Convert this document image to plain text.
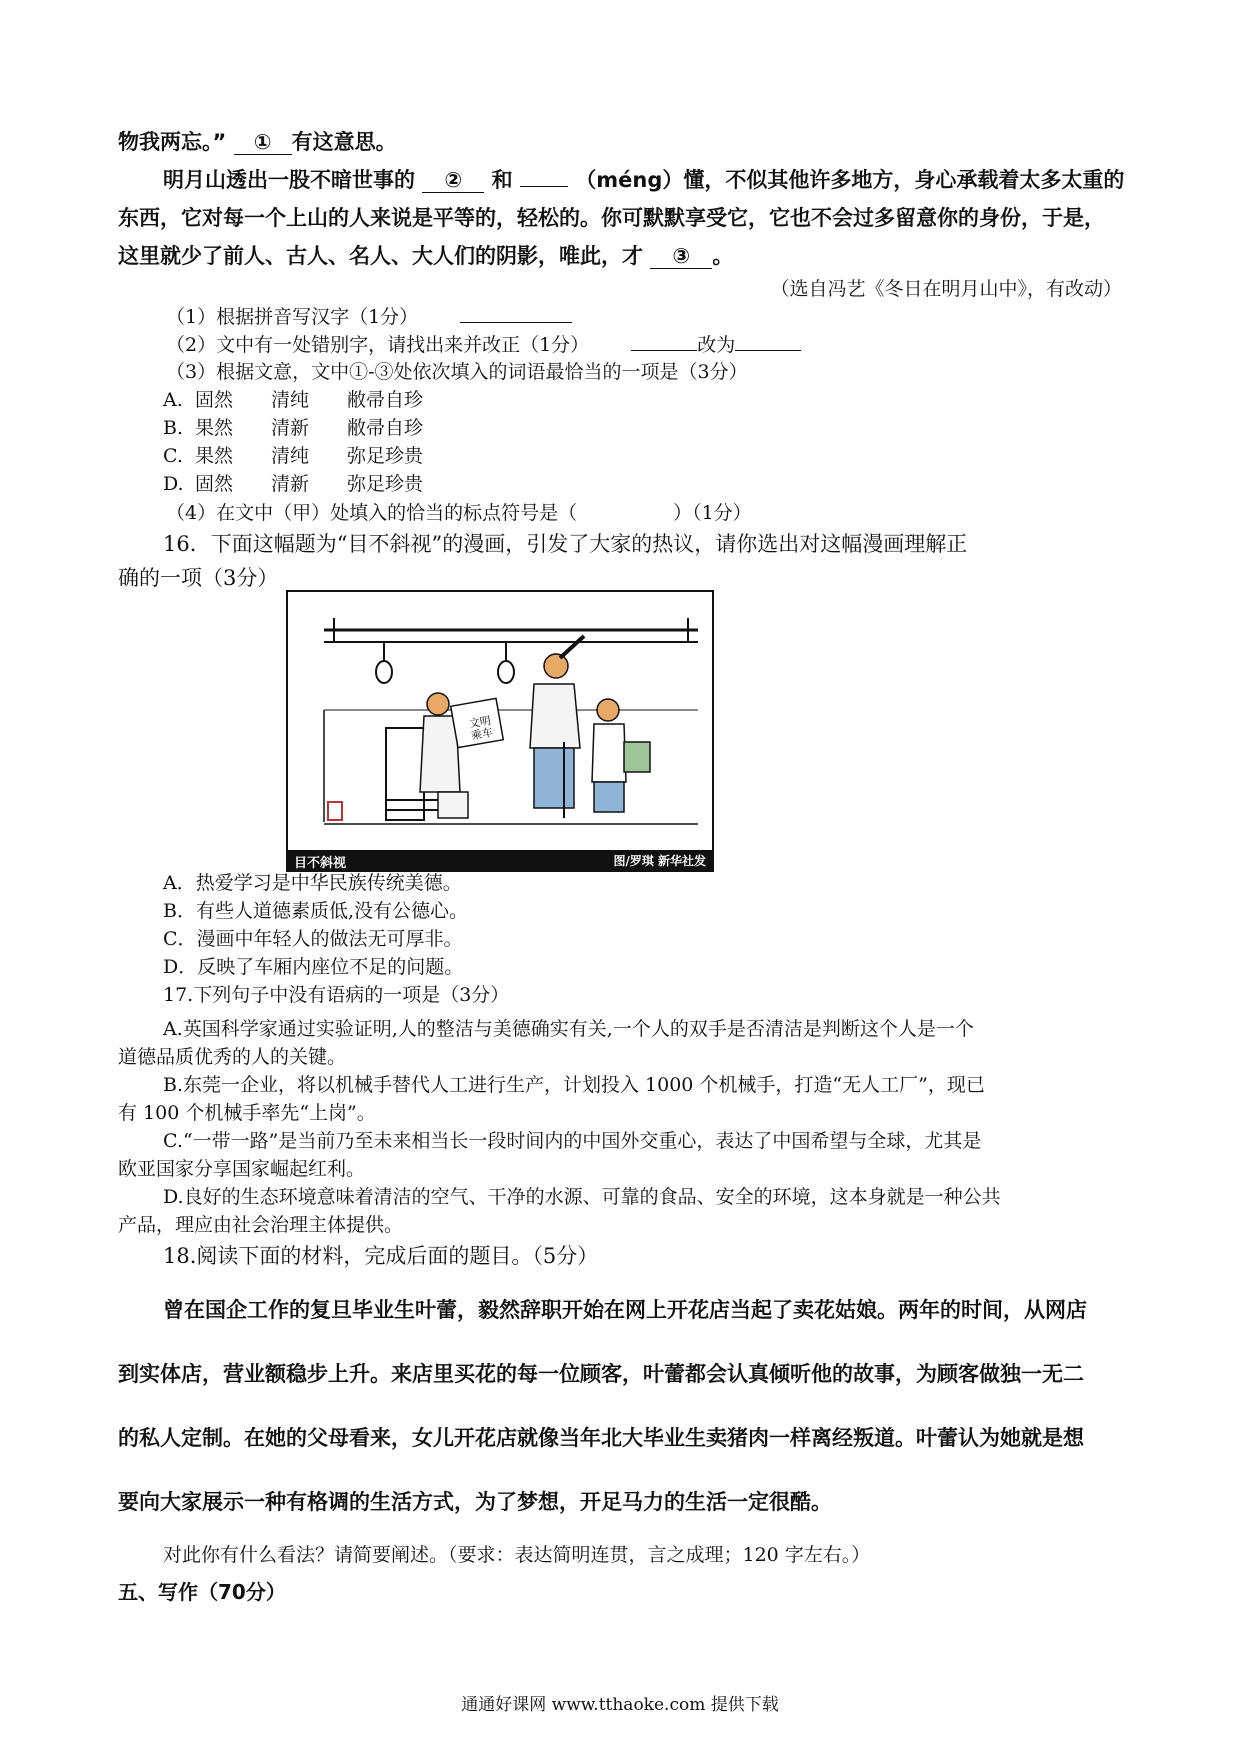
物我两忘。” ① 有这意思。
明月山透出一股不暗世事的 ② 和	（méng）懂，不似其他许多地方，身心承载着太多太重的
东西，它对每一个上山的人来说是平等的，轻松的。你可默默享受它，它也不会过多留意你的身份，于是，
这里就少了前人、古人、名人、大人们的阴影，唯此，才 ③ 。
（选自冯艺《冬日在明月山中》，有改动）
（1）根据拼音写汉字（1分）
（2）文中有一处错别字，请找出来并改正（1分）	改为
（3）根据文意，文中①-③处依次填入的词语最恰当的一项是（3分）
A. 固然 清纯 敝帚自珍
B. 果然 清新 敝帚自珍
C. 果然 清纯 弥足珍贵
D. 固然 清新 弥足珍贵
（4）在文中（甲）处填入的恰当的标点符号是（	）（1分）
16．下面这幅题为“目不斜视”的漫画，引发了大家的热议，请你选出对这幅漫画理解正
确的一项（3分）
文明乘车
目不斜视	图/罗琪 新华社发
A．热爱学习是中华民族传统美德。
B．有些人道德素质低,没有公德心。
C．漫画中年轻人的做法无可厚非。
D．反映了车厢内座位不足的问题。
17.下列句子中没有语病的一项是（3分）
A.英国科学家通过实验证明,人的整洁与美德确实有关,一个人的双手是否清洁是判断这个人是一个
道德品质优秀的人的关键。
B.东莞一企业，将以机械手替代人工进行生产，计划投入 1000 个机械手，打造“无人工厂”，现已
有 100 个机械手率先“上岗”。
C.“一带一路”是当前乃至未来相当长一段时间内的中国外交重心，表达了中国希望与全球，尤其是
欧亚国家分享国家崛起红利。
D.良好的生态环境意味着清洁的空气、干净的水源、可靠的食品、安全的环境，这本身就是一种公共
产品，理应由社会治理主体提供。
18.阅读下面的材料，完成后面的题目。（5分）
曾在国企工作的复旦毕业生叶蕾，毅然辞职开始在网上开花店当起了卖花姑娘。两年的时间，从网店
到实体店，营业额稳步上升。来店里买花的每一位顾客，叶蕾都会认真倾听他的故事，为顾客做独一无二
的私人定制。在她的父母看来，女儿开花店就像当年北大毕业生卖猪肉一样离经叛道。叶蕾认为她就是想
要向大家展示一种有格调的生活方式，为了梦想，开足马力的生活一定很酷。
对此你有什么看法？请简要阐述。（要求：表达简明连贯，言之成理；120 字左右。）
五、写作（70分）
通通好课网 www.tthaoke.com 提供下载
